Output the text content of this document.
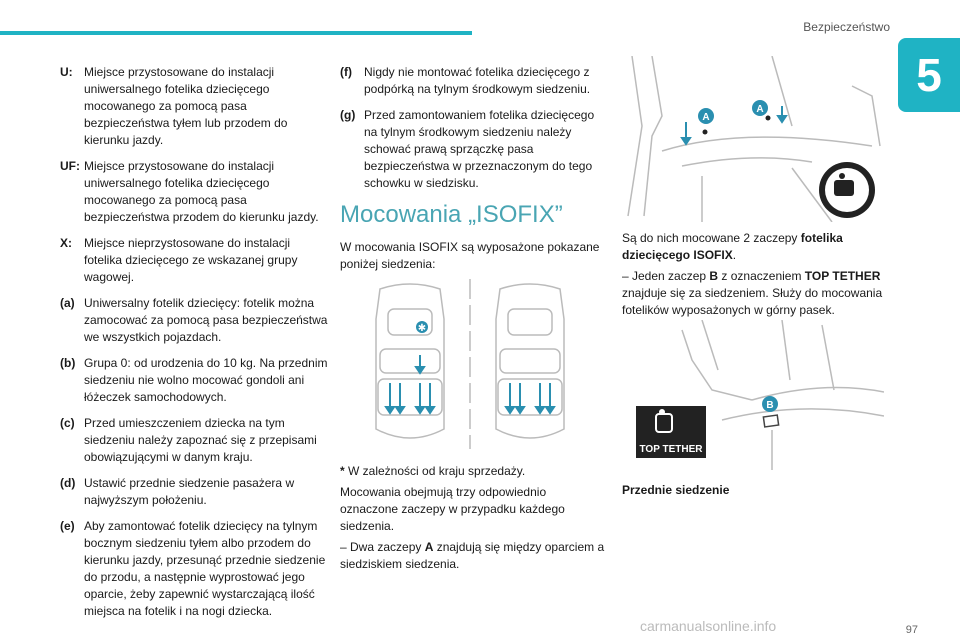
Bezpieczeństwo
5
U: Miejsce przystosowane do instalacji uniwersalnego fotelika dziecięcego mocowanego za pomocą pasa bezpieczeństwa tyłem lub przodem do kierunku jazdy.
UF: Miejsce przystosowane do instalacji uniwersalnego fotelika dziecięcego mocowanego za pomocą pasa bezpieczeństwa przodem do kierunku jazdy.
X:	Miejsce nieprzystosowane do instalacji fotelika dziecięcego ze wskazanej grupy wagowej.
(a) Uniwersalny fotelik dziecięcy: fotelik można zamocować za pomocą pasa bezpieczeństwa we wszystkich pojazdach.
(b) Grupa 0: od urodzenia do 10 kg. Na przednim siedzeniu nie wolno mocować gondoli ani łóżeczek samochodowych.
(c) Przed umieszczeniem dziecka na tym siedzeniu należy zapoznać się z przepisami obowiązującymi w danym kraju.
(d) Ustawić przednie siedzenie pasażera w najwyższym położeniu.
(e) Aby zamontować fotelik dziecięcy na tylnym bocznym siedzeniu tyłem albo przodem do kierunku jazdy, przesunąć przednie siedzenie do przodu, a następnie wyprostować jego oparcie, żeby zapewnić wystarczającą ilość miejsca na fotelik i na nogi dziecka.
(f)	Nigdy nie montować fotelika dziecięcego z podpórką na tylnym środkowym siedzeniu.
(g) Przed zamontowaniem fotelika dziecięcego na tylnym środkowym siedzeniu należy schować prawą sprzączkę pasa bezpieczeństwa w przeznaczonym do tego schowku w siedzisku.
Mocowania „ISOFIX”

W mocowania ISOFIX są wyposażone pokazane poniżej siedzenia:

✱

* W zależności od kraju sprzedaży.

Mocowania obejmują trzy odpowiednio oznaczone zaczepy w przypadku każdego siedzenia.

– Dwa zaczepy A znajdują się między oparciem a siedziskiem siedzenia.

A
A

Są do nich mocowane 2 zaczepy fotelika dziecięcego ISOFIX.

– Jeden zaczep B z oznaczeniem TOP TETHER znajduje się za siedzeniem. Służy do mocowania fotelików wyposażonych w górny pasek.

B
TOP TETHER

Przednie siedzenie

carmanualsonline.info	97
